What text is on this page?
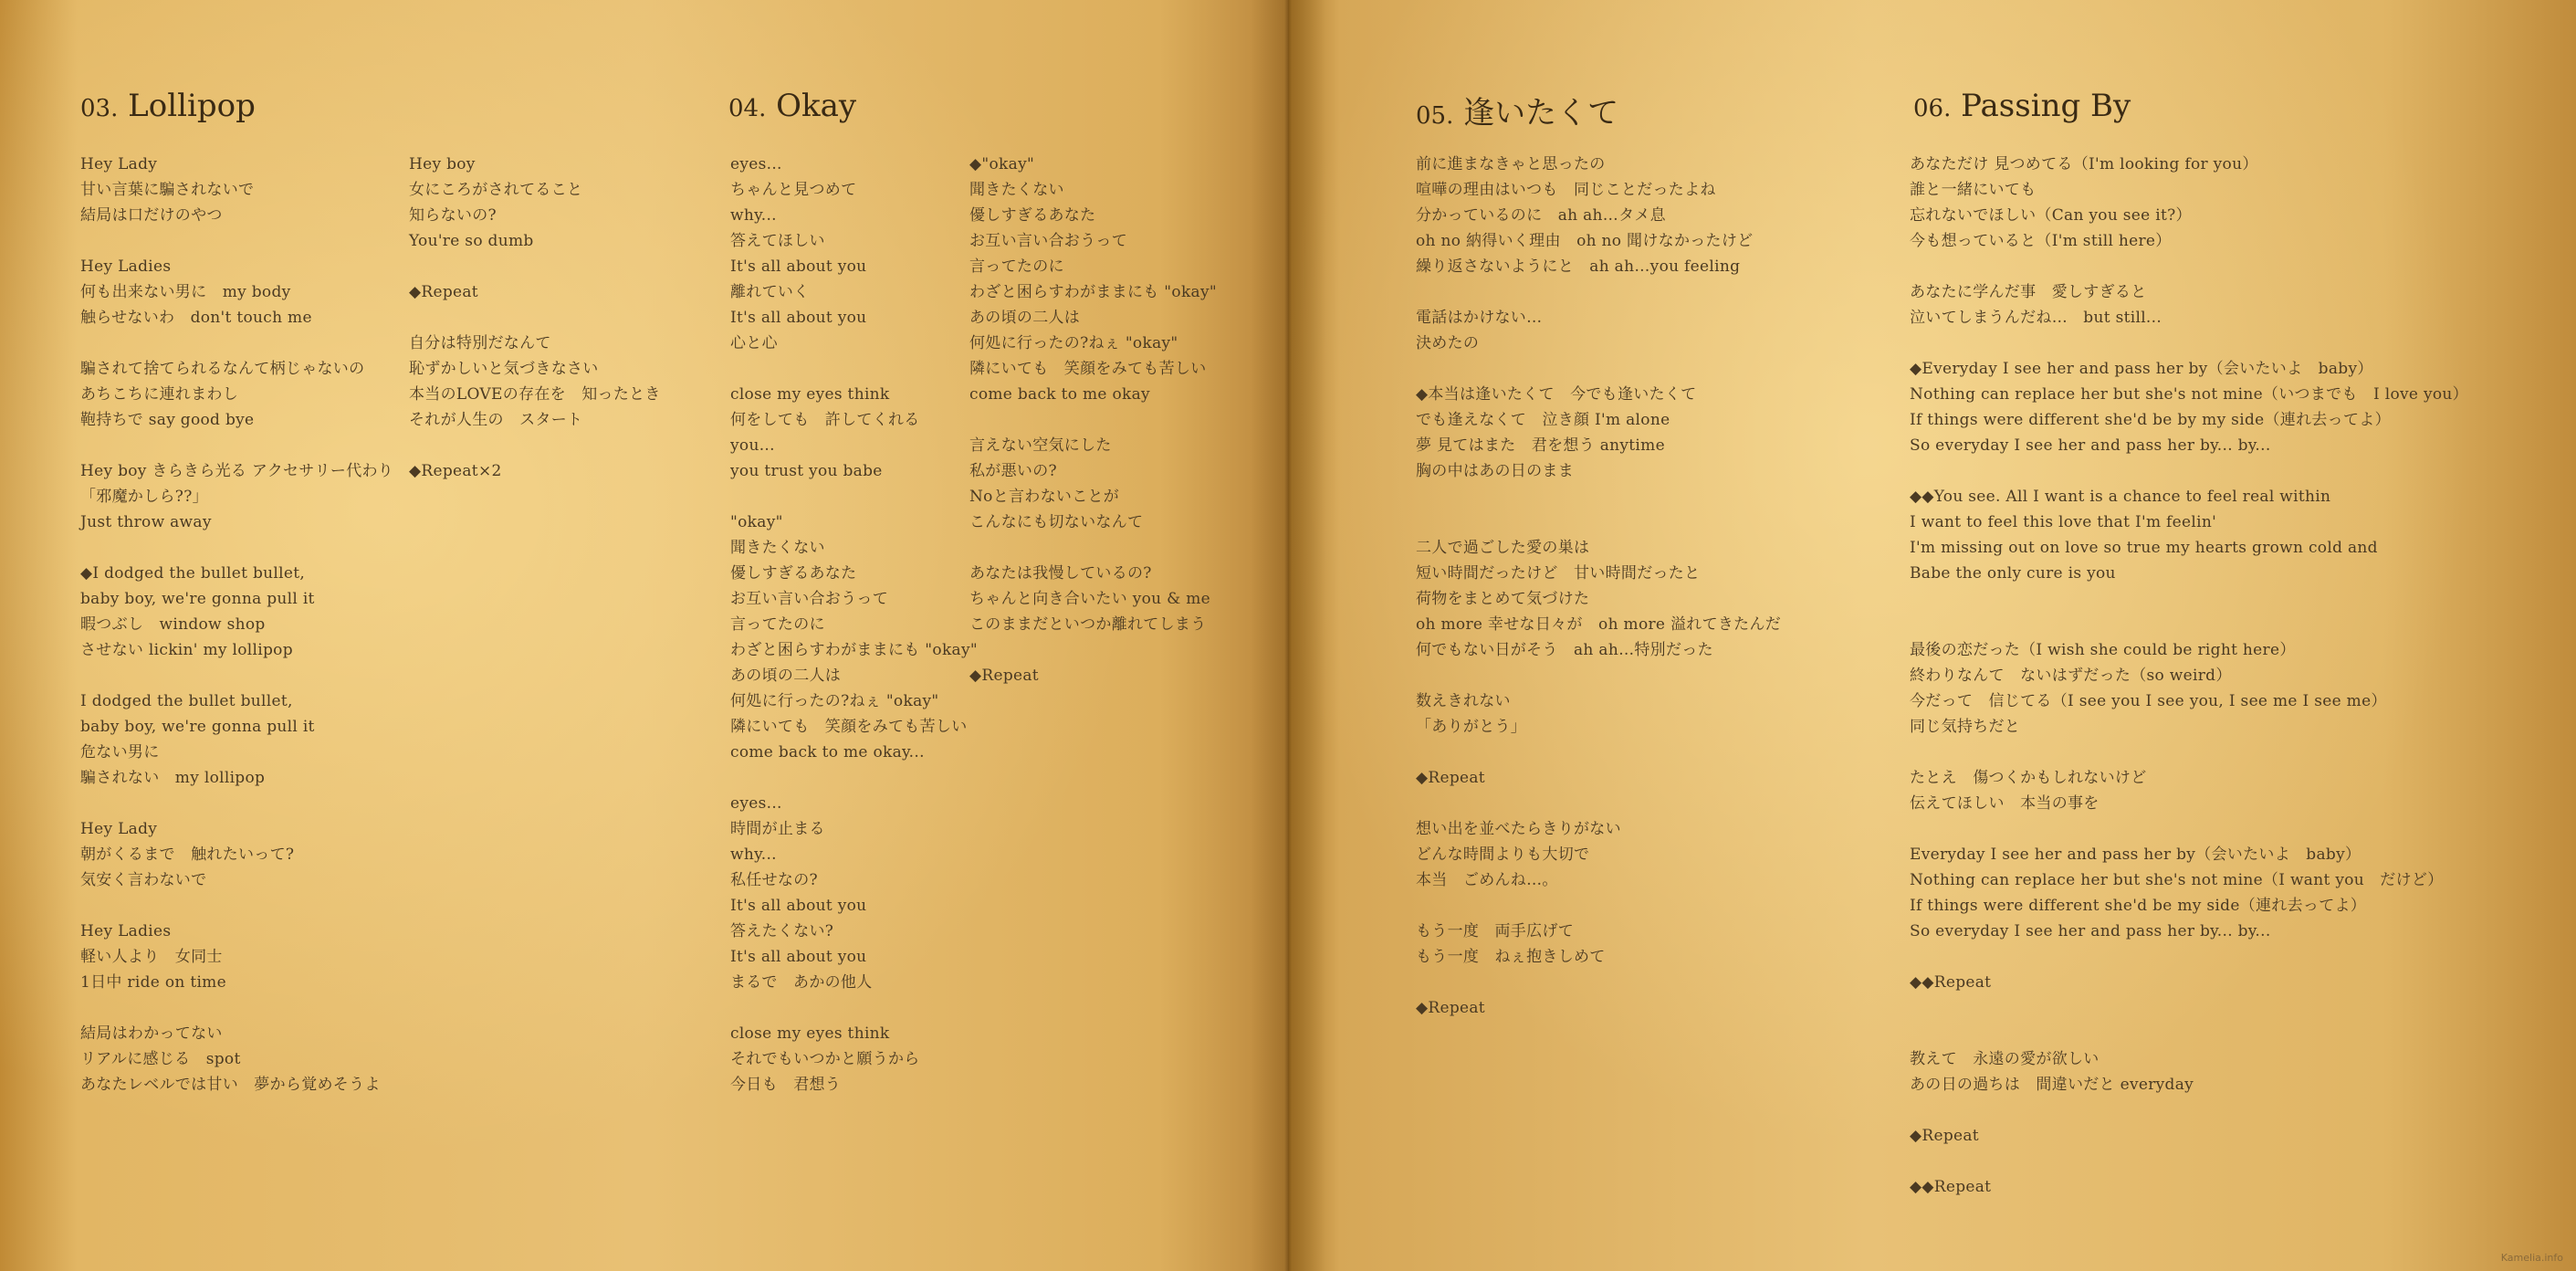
03. Lollipop
Hey Lady
甘い言葉に騙されないで
結局は口だけのやつ
Hey Ladies
何も出来ない男に　my body
触らせないわ　don't touch me
騙されて捨てられるなんて柄じゃないの
あちこちに連れまわし
鞄持ちで say good bye
Hey boy きらきら光る アクセサリー代わり
「邪魔かしら??」
Just throw away
◆I dodged the bullet bullet,
baby boy, we're gonna pull it
暇つぶし　window shop
させない lickin' my lollipop
I dodged the bullet bullet,
baby boy, we're gonna pull it
危ない男に
騙されない　my lollipop
Hey Lady
朝がくるまで　触れたいって?
気安く言わないで
Hey Ladies
軽い人より　女同士
1日中 ride on time
結局はわかってない
リアルに感じる　spot
あなたレベルでは甘い　夢から覚めそうよ
Hey boy
女にころがされてること
知らないの?
You're so dumb
◆Repeat
自分は特別だなんて
恥ずかしいと気づきなさい
本当のLOVEの存在を　知ったとき
それが人生の　スタート
◆Repeat×2
04. Okay
eyes...
ちゃんと見つめて
why...
答えてほしい
It's all about you
離れていく
It's all about you
心と心
close my eyes think
何をしても　許してくれる
you...
you trust you babe
"okay"
聞きたくない
優しすぎるあなた
お互い言い合おうって
言ってたのに
わざと困らすわがままにも "okay"
あの頃の二人は
何処に行ったの?ねぇ "okay"
隣にいても　笑顔をみても苦しい
come back to me okay...
eyes...
時間が止まる
why...
私任せなの?
It's all about you
答えたくない?
It's all about you
まるで　あかの他人
close my eyes think
それでもいつかと願うから
今日も　君想う
◆"okay"
聞きたくない
優しすぎるあなた
お互い言い合おうって
言ってたのに
わざと困らすわがままにも "okay"
あの頃の二人は
何処に行ったの?ねぇ "okay"
隣にいても　笑顔をみても苦しい
come back to me okay
言えない空気にした
私が悪いの?
Noと言わないことが
こんなにも切ないなんて
あなたは我慢しているの?
ちゃんと向き合いたい you & me
このままだといつか離れてしまう
◆Repeat
05. 逢いたくて
前に進まなきゃと思ったの
喧嘩の理由はいつも　同じことだったよね
分かっているのに　ah ah…タメ息
oh no 納得いく理由　oh no 聞けなかったけど
繰り返さないようにと　ah ah…you feeling
電話はかけない…
決めたの
◆本当は逢いたくて　今でも逢いたくて
でも逢えなくて　泣き顔 I'm alone
夢 見てはまた　君を想う anytime
胸の中はあの日のまま
二人で過ごした愛の巣は
短い時間だったけど　甘い時間だったと
荷物をまとめて気づけた
oh more 幸せな日々が　oh more 溢れてきたんだ
何でもない日がそう　ah ah…特別だった
数えきれない
「ありがとう」
◆Repeat
想い出を並べたらきりがない
どんな時間よりも大切で
本当　ごめんね…。
もう一度　両手広げて
もう一度　ねぇ抱きしめて
◆Repeat
06. Passing By
あなただけ 見つめてる（I'm looking for you）
誰と一緒にいても
忘れないでほしい（Can you see it?）
今も想っていると（I'm still here）
あなたに学んだ事　愛しすぎると
泣いてしまうんだね…　but still...
◆Everyday I see her and pass her by（会いたいよ　baby）
Nothing can replace her but she's not mine（いつまでも　I love you）
If things were different she'd be by my side（連れ去ってよ）
So everyday I see her and pass her by... by...
◆◆You see. All I want is a chance to feel real within
I want to feel this love that I'm feelin'
I'm missing out on love so true my hearts grown cold and
Babe the only cure is you
最後の恋だった（I wish she could be right here）
終わりなんて　ないはずだった（so weird）
今だって　信じてる（I see you I see you, I see me I see me）
同じ気持ちだと
たとえ　傷つくかもしれないけど
伝えてほしい　本当の事を
Everyday I see her and pass her by（会いたいよ　baby）
Nothing can replace her but she's not mine（I want you　だけど）
If things were different she'd be my side（連れ去ってよ）
So everyday I see her and pass her by... by...
◆◆Repeat
教えて　永遠の愛が欲しい
あの日の過ちは　間違いだと everyday
◆Repeat
◆◆Repeat
Kamelia.info
